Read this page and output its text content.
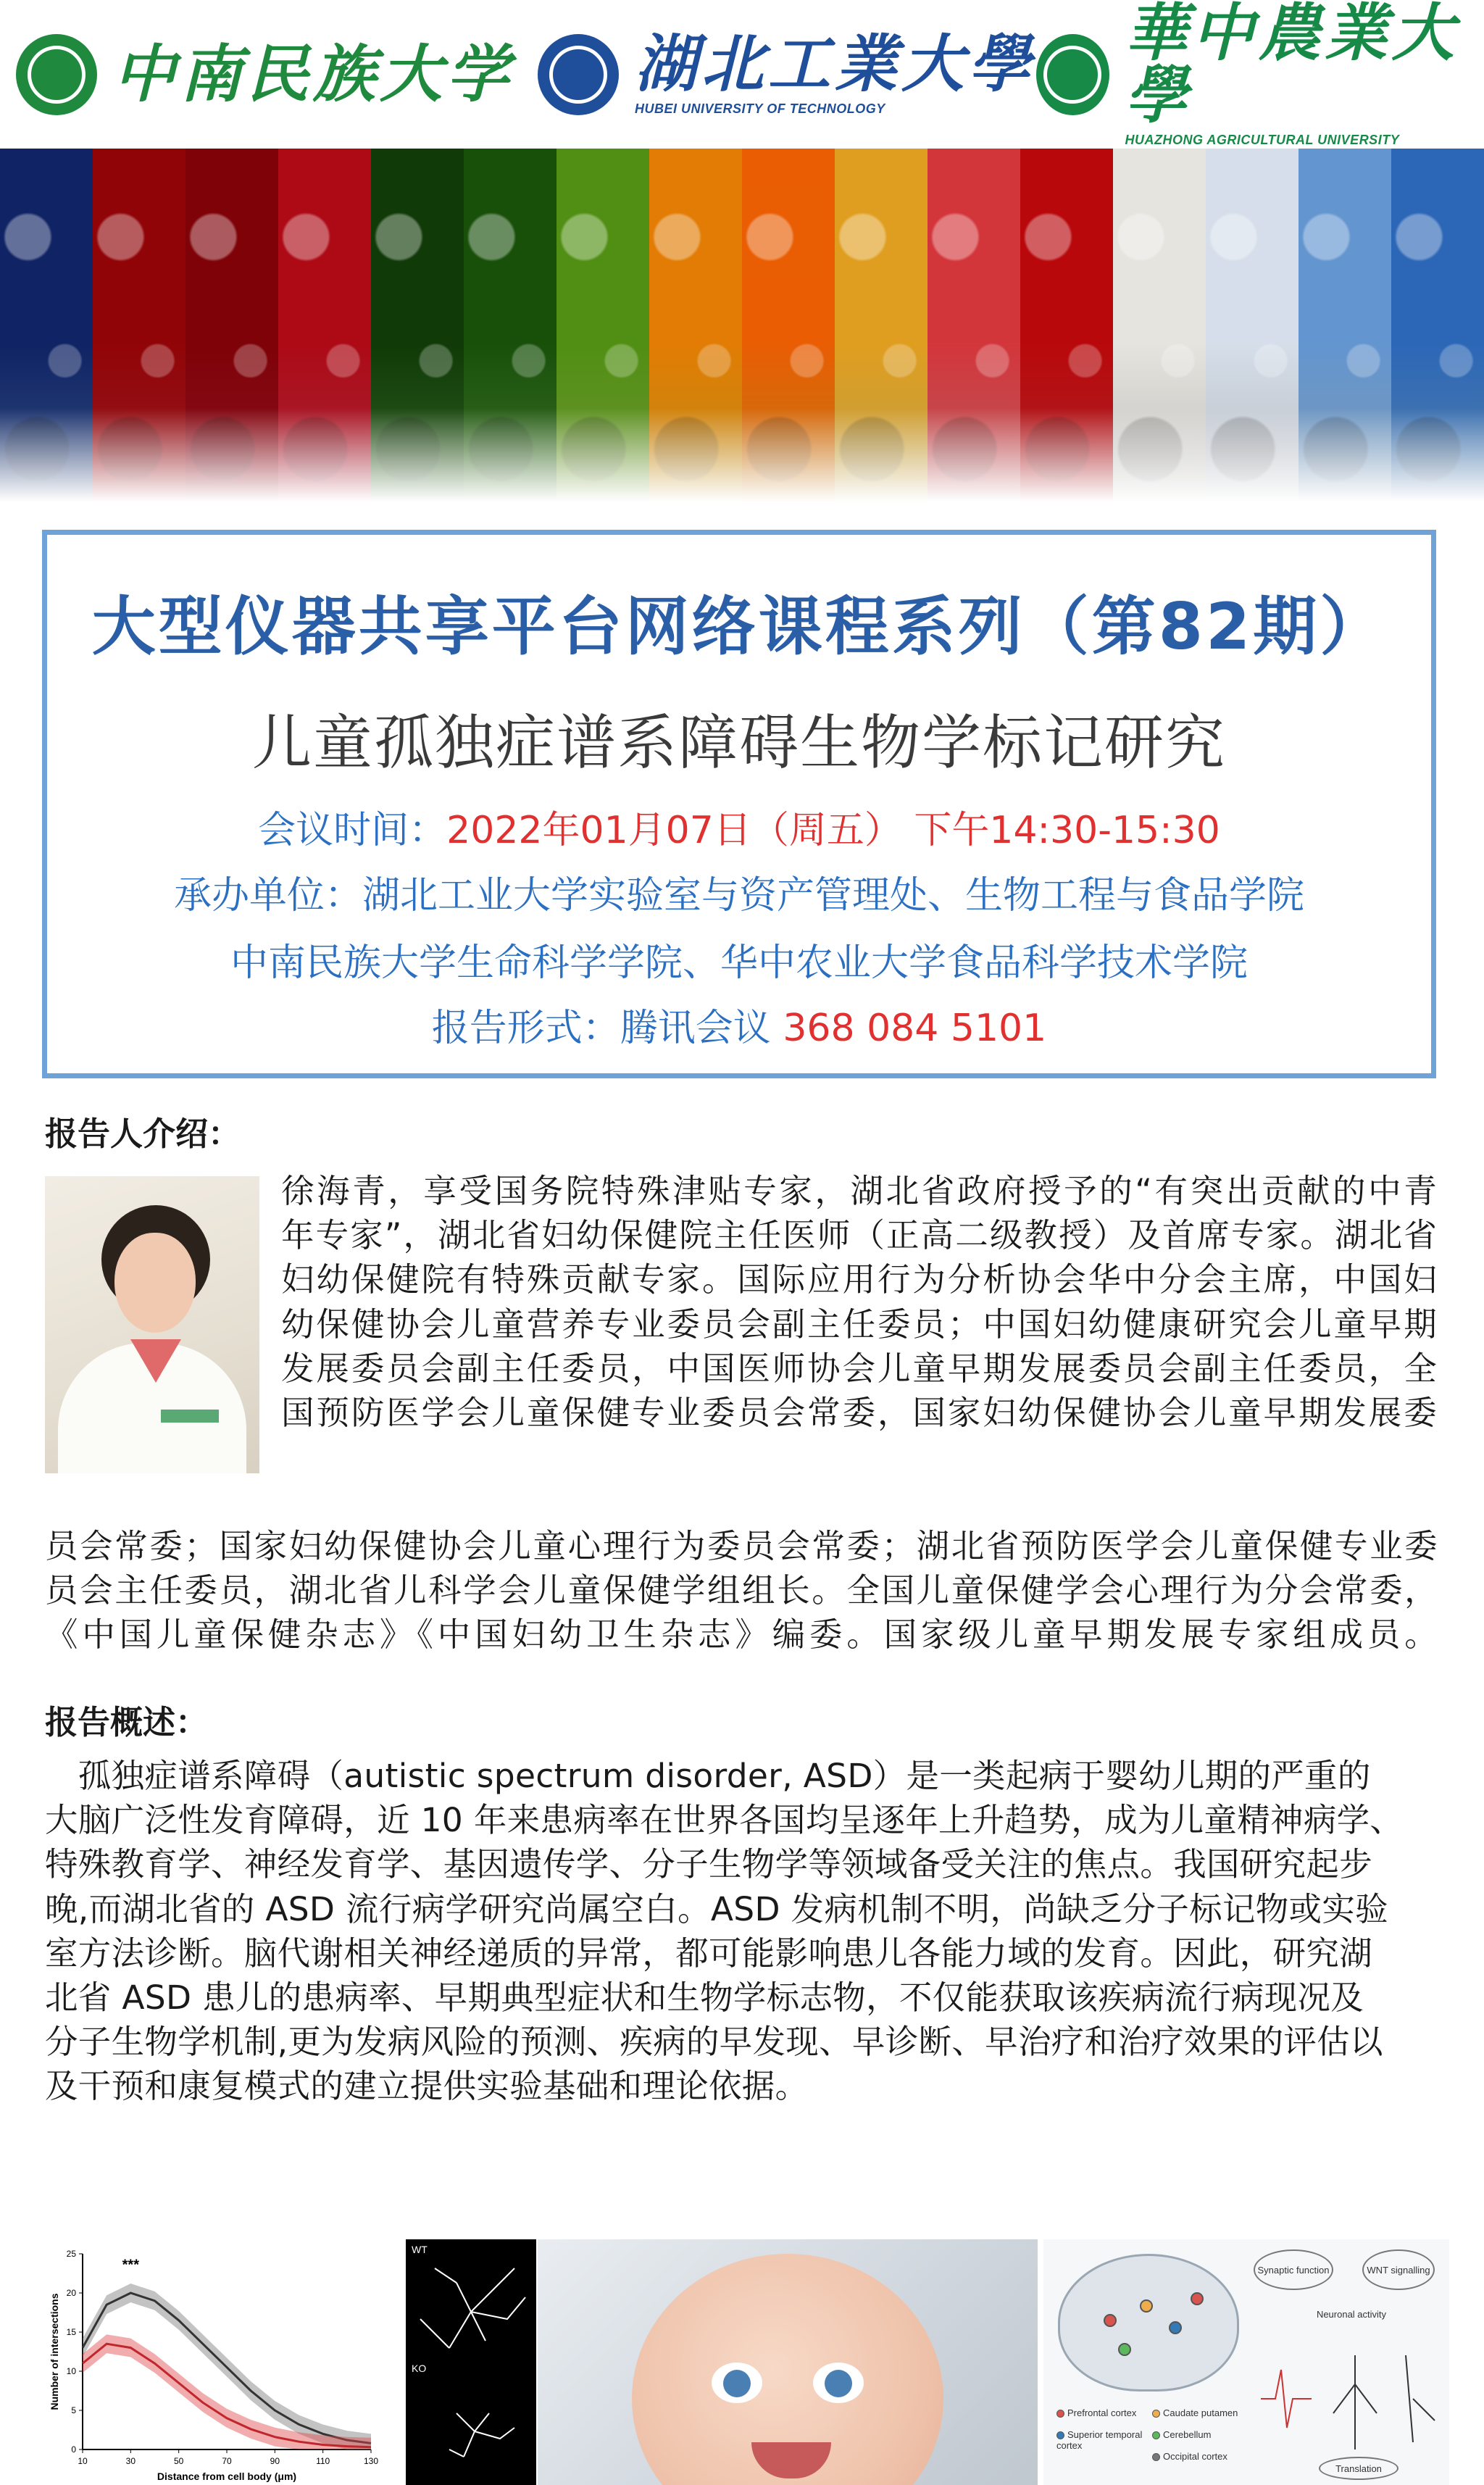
中南民族大学 湖北工業大學
HUBEI UNIVERSITY OF TECHNOLOGY
華中農業大學
HUAZHONG AGRICULTURAL UNIVERSITY
大型仪器共享平台网络课程系列（第82期）
儿童孤独症谱系障碍生物学标记研究
会议时间：2022年01月07日（周五） 下午14:30-15:30
承办单位：湖北工业大学实验室与资产管理处、生物工程与食品学院
中南民族大学生命科学学院、华中农业大学食品科学技术学院
报告形式：腾讯会议 368 084 5101
报告人介绍：
徐海青，享受国务院特殊津贴专家，湖北省政府授予的“有突出贡献的中青
年专家”，湖北省妇幼保健院主任医师（正高二级教授）及首席专家。湖北省
妇幼保健院有特殊贡献专家。国际应用行为分析协会华中分会主席，中国妇
幼保健协会儿童营养专业委员会副主任委员；中国妇幼健康研究会儿童早期
发展委员会副主任委员，中国医师协会儿童早期发展委员会副主任委员，全
国预防医学会儿童保健专业委员会常委，国家妇幼保健协会儿童早期发展委
员会常委；国家妇幼保健协会儿童心理行为委员会常委；湖北省预防医学会儿童保健专业委
员会主任委员，湖北省儿科学会儿童保健学组组长。全国儿童保健学会心理行为分会常委，
《中国儿童保健杂志》《中国妇幼卫生杂志》编委。国家级儿童早期发展专家组成员。
报告概述：
　孤独症谱系障碍（autistic spectrum disorder, ASD）是一类起病于婴幼儿期的严重的
大脑广泛性发育障碍，近 10 年来患病率在世界各国均呈逐年上升趋势，成为儿童精神病学、
特殊教育学、神经发育学、基因遗传学、分子生物学等领域备受关注的焦点。我国研究起步
晚,而湖北省的 ASD 流行病学研究尚属空白。ASD 发病机制不明，尚缺乏分子标记物或实验
室方法诊断。脑代谢相关神经递质的异常，都可能影响患儿各能力域的发育。因此，研究湖
北省 ASD 患儿的患病率、早期典型症状和生物学标志物，不仅能获取该疾病流行病现况及
分子生物学机制,更为发病风险的预测、疾病的早发现、早诊断、早治疗和治疗效果的评估以
及干预和康复模式的建立提供实验基础和理论依据。
10	30	50	70	90	110	130
0
5
10
15
20
25
***
Distance from cell body (μm)
Number of intersections
WT
KO
Prefrontal cortex	Caudate putamen
Superior temporal cortex
Cerebellum
Occipital cortex
Synaptic function	WNT signalling
Neuronal activity
Translation
